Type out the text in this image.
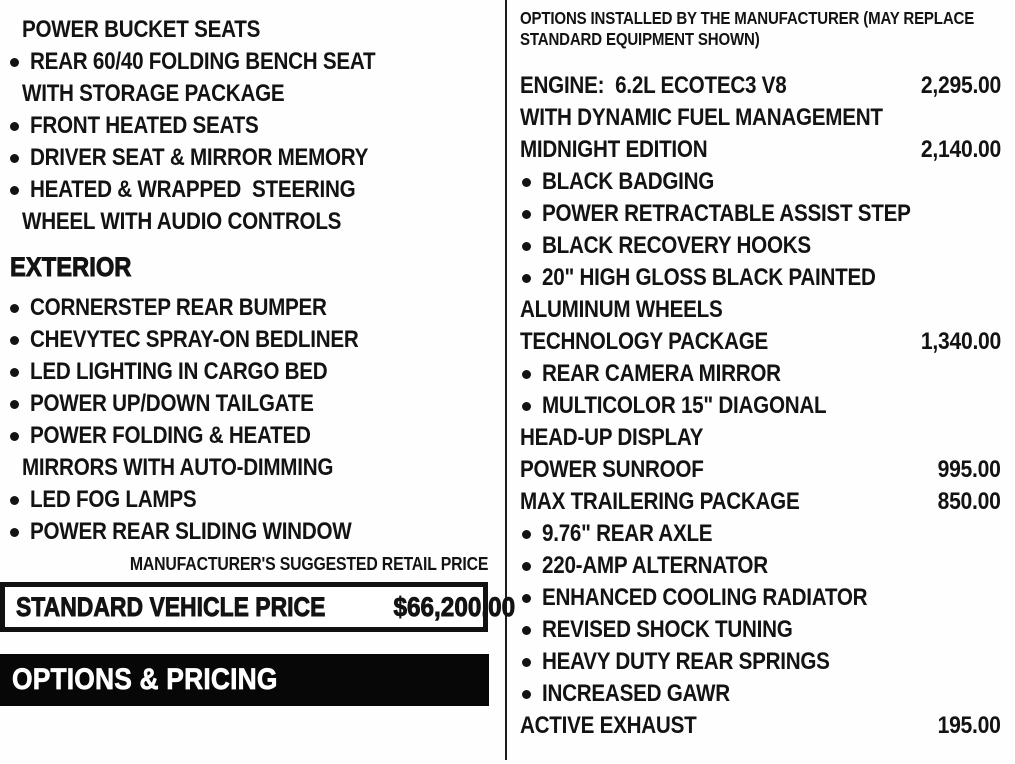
POWER BUCKET SEATS
REAR 60/40 FOLDING BENCH SEAT
WITH STORAGE PACKAGE
FRONT HEATED SEATS
DRIVER SEAT & MIRROR MEMORY
HEATED & WRAPPED  STEERING
WHEEL WITH AUDIO CONTROLS
EXTERIOR
CORNERSTEP REAR BUMPER
CHEVYTEC SPRAY-ON BEDLINER
LED LIGHTING IN CARGO BED
POWER UP/DOWN TAILGATE
POWER FOLDING & HEATED
MIRRORS WITH AUTO-DIMMING
LED FOG LAMPS
POWER REAR SLIDING WINDOW
MANUFACTURER'S SUGGESTED RETAIL PRICE
STANDARD VEHICLE PRICE	$66,200.00
OPTIONS & PRICING
OPTIONS INSTALLED BY THE MANUFACTURER (MAY REPLACE STANDARD EQUIPMENT SHOWN)
ENGINE:  6.2L ECOTEC3 V8	2,295.00
WITH DYNAMIC FUEL MANAGEMENT
MIDNIGHT EDITION	2,140.00
BLACK BADGING
POWER RETRACTABLE ASSIST STEP
BLACK RECOVERY HOOKS
20" HIGH GLOSS BLACK PAINTED
ALUMINUM WHEELS
TECHNOLOGY PACKAGE	1,340.00
REAR CAMERA MIRROR
MULTICOLOR 15" DIAGONAL
HEAD-UP DISPLAY
POWER SUNROOF	995.00
MAX TRAILERING PACKAGE	850.00
9.76" REAR AXLE
220-AMP ALTERNATOR
ENHANCED COOLING RADIATOR
REVISED SHOCK TUNING
HEAVY DUTY REAR SPRINGS
INCREASED GAWR
ACTIVE EXHAUST	195.00
